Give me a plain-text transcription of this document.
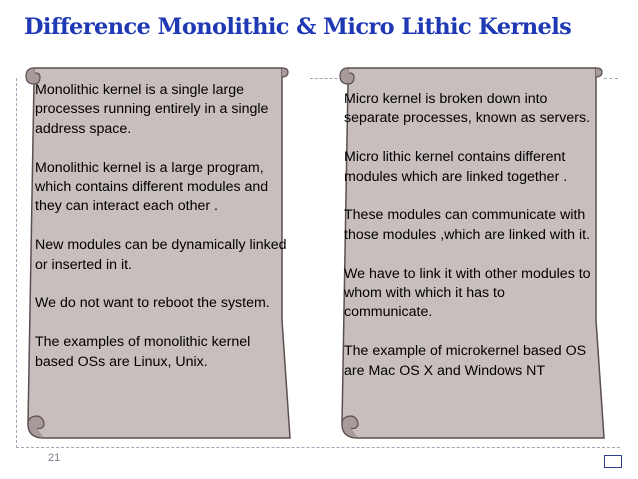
Difference Monolithic & Micro Lithic Kernels

Monolithic kernel is a single large processes running entirely in a single address space.

Monolithic kernel is a large program, which contains different modules and they can interact each other .

New modules can be dynamically linked or inserted in it.

We do not want to reboot the system.

The examples of monolithic kernel based OSs are Linux, Unix.

Micro kernel is broken down into separate processes, known as servers.

Micro lithic kernel contains different modules which are linked together .

These modules can communicate with those modules ,which are linked with it.

We have to link it with other modules to whom with which it has to communicate.

The example of microkernel based OS are Mac OS X and Windows NT

21
